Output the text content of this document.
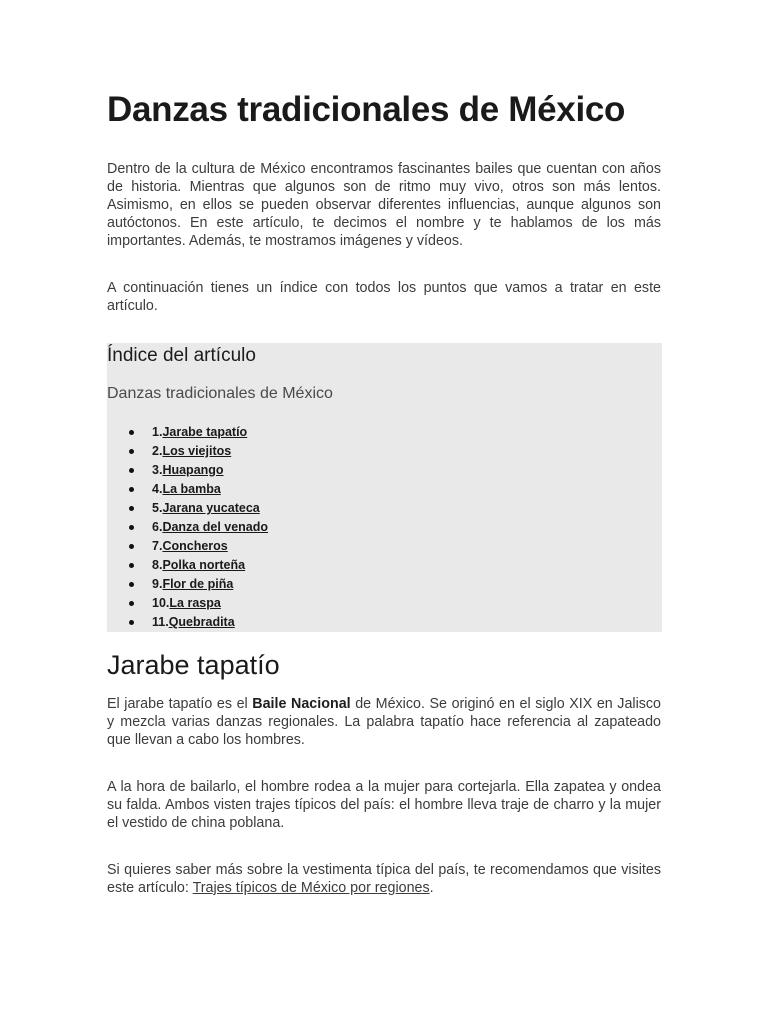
Danzas tradicionales de México

Dentro de la cultura de México encontramos fascinantes bailes que cuentan con años de historia. Mientras que algunos son de ritmo muy vivo, otros son más lentos. Asimismo, en ellos se pueden observar diferentes influencias, aunque algunos son autóctonos. En este artículo, te decimos el nombre y te hablamos de los más importantes. Además, te mostramos imágenes y vídeos.

A continuación tienes un índice con todos los puntos que vamos a tratar en este artículo.

Índice del artículo
Danzas tradicionales de México
1.Jarabe tapatío
2.Los viejitos
3.Huapango
4.La bamba
5.Jarana yucateca
6.Danza del venado
7.Concheros
8.Polka norteña
9.Flor de piña
10.La raspa
11.Quebradita
Jarabe tapatío

El jarabe tapatío es el Baile Nacional de México. Se originó en el siglo XIX en Jalisco y mezcla varias danzas regionales. La palabra tapatío hace referencia al zapateado que llevan a cabo los hombres.

A la hora de bailarlo, el hombre rodea a la mujer para cortejarla. Ella zapatea y ondea su falda. Ambos visten trajes típicos del país: el hombre lleva traje de charro y la mujer el vestido de china poblana.

Si quieres saber más sobre la vestimenta típica del país, te recomendamos que visites este artículo: Trajes típicos de México por regiones.
